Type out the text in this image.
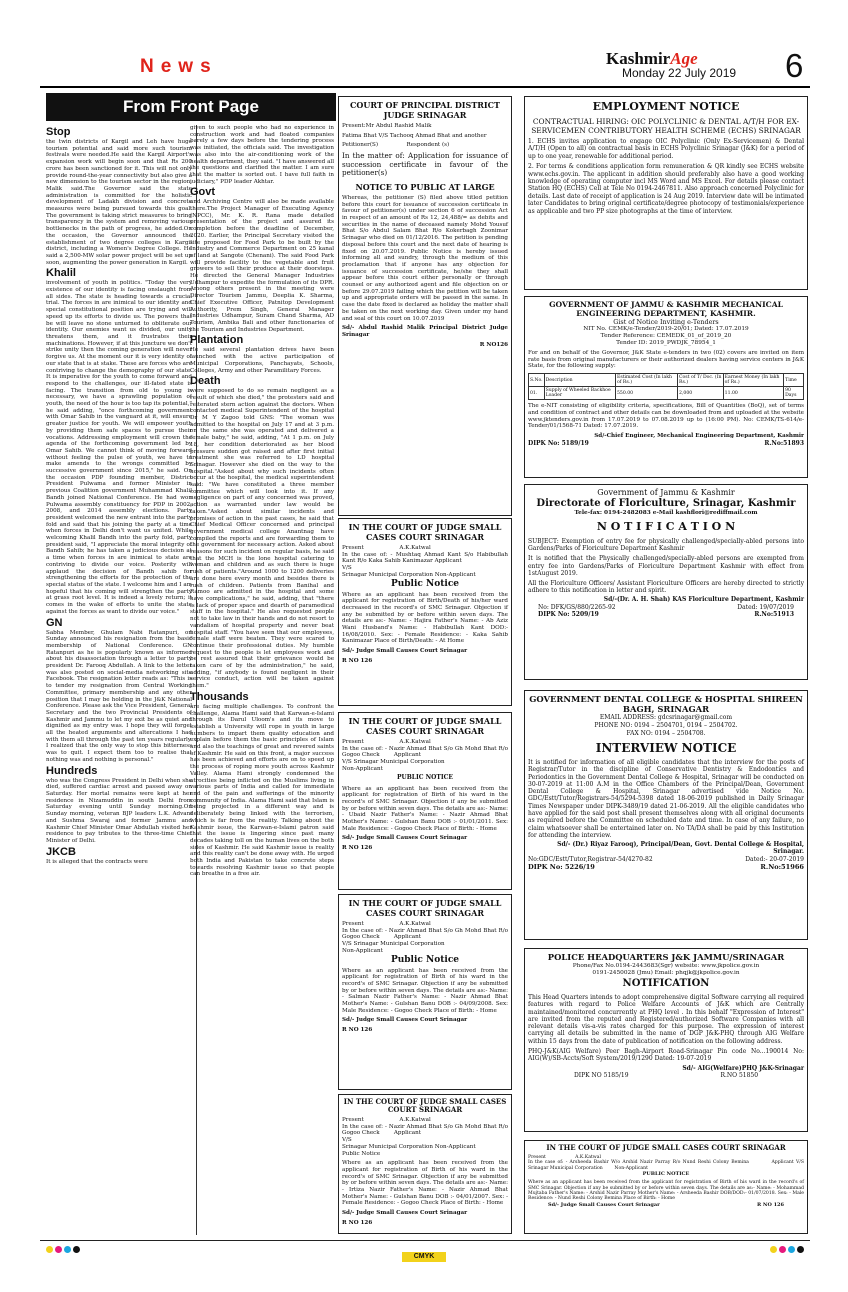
News	KashmirAge
Monday 22 July 2019 6
From Front Page
Stop

the twin districts of Kargil and Leh have huge tourism potential and said more such tourism festivals were needed.He said the Kargil Airport's expansion work will begin soon and that Rs 200 crore has been sanctioned for it. This will not only provide round-the-year connectivity but also give a new dimension to the tourism sector in the region, Malik said.The Governor said the state administration is committed for the holistic development of Ladakh division and concrete measures were being pursued towards this goal. The government is taking strict measures to bring transparency in the system and removing various bottlenecks in the path of progress, he added.On the occasion, the Governor announced the establishment of two degree colleges in Kargil district, including a Women's Degree College. He said a 2,500-MW solar power project will be set up soon, augmenting the power generation in Kargil.

Khalil

involvement of youth in politics. "Today the very existence of our identity is facing onslaught from all sides. The state is heading towards a crucial trial. The forces in are inimical to our identity and special constitutional position are trying and will speed up its efforts to divide us. The powers that be will leave no stone unturned to obliterate our identity. Our enemies want us divided, our unity threatens them, and it frustrates their machinations. However, if at this juncture we don't strike unity then the coming generation will never forgive us. At the moment our it is very identity of our state that is at stake. These are forces who are contriving to change the demography of our state. It is imperative for the youth to come forward and respond to the challenges, our ill-fated state is facing. The transition from old to young is necessary, we have a sprawling population of youth, the need of the hour is too tap its potential," he said adding, "once forthcoming government with Omar Sahib in the vanguard at it, will ensure greater justice for youth. We will empower youth by providing them safe spaces to pursue their vocations. Addressing employment will crown the agenda of the forthcoming government led by Omar Sahib. We cannot think of moving forward without feeling the pulse of youth, we have to make amends to the wrongs committed by successive government since 2015," he said. On the occasion PDP founding member, District President Pulwama and former Minister in previous Coalition government Muhammad Khalil Bandh joined National Conference. He had won Pulwama assembly constituency for PDP in 2002, 2008, and 2014 assembly elections. Party president welcomed the new entrant into the party fold and said that his joining the party at a time when forces in Delhi don't want us united. While welcoming Khalil Bandh into the party fold, party president said, "I appreciate the moral integrity of Bandh Sahib; he has taken a judicious decision at a time when forces in are inimical to state are contriving to divide our voice. Posterity will applaud the decision of Bandh sahib for strengthening the efforts for the protection of the special status of the state. I welcome him and I am hopeful that his coming will strengthen the party at grass root level. It is indeed a lovely return; it comes in the wake of efforts to unite the state against the forces as want to divide our voice."

GN

Sabha Member, Ghulam Nabi Ratanpuri, on Sunday announced his resignation from the basic membership of National Conference. GN Ratanpuri as he is popularly known as informed about his disassociation through a letter to party president Dr. Farooq Abdullah. A link to the letter was also posted on social-media networking site Facebook. The resignation letter reads as: "This is to tender my resignation from Central Working Committee, primary membership and any other position that I may be holding in the J&K National Conference. Please ask the Vice President, General Secretary and the two Provincial Presidents of Kashmir and Jammu to let my exit be as quiet and dignified as my entry was. I hope they will forget all the heated arguments and altercations I had with them all through the past ten years regularly. I realized that the only way to stop this bitterness was to quit. I expect them too to realise that nothing was and nothing is personal."

Hundreds

who was the Congress President in Delhi when she died, suffered cardiac arrest and passed away on Saturday. Her mortal remains were kept at her residence in Nizamuddin in south Delhi from Saturday evening until Sunday morning.On Sunday morning, veteran BJP leaders L.K. Advani and Sushma Swaraj and former Jammu and Kashmir Chief Minister Omar Abdullah visited her residence to pay tributes to the three-time Chief Minister of Delhi.

JKCB

It is alleged that the contracts were

given to such people who had no experience in construction work and had floated companies barely a few days before the tendering process was initiated, the officials said. The investigation was also into the air-conditioning work of the health department, they said. "I have answered all the questions and clarified the matter. I am sure that the matter is sorted out. I have full faith in judiciary," PDP leader Akhtar.

Govt

and Archiving Centre will also be made available there.The Project Manager of Executing Agency (NPCC), Mr. K. R. Rana made detailed presentation of the project and assured its completion before the deadline of December, 2020. Earlier, the Principal Secretary visited the site proposed for Food Park to be built by the Industry and Commerce Department on 25 kanal of land at Sangote (Chenani). The said Food Park will provide facility to the vegetable and fruit growers to sell their produce at their doorsteps. He directed the General Manager Industries Udhampur to expedite the formulation of its DPR. Among others present in the meeting were Director Tourism Jammu, Deeplia K. Sharma, Chief Executive Officer, Patnitop Development Authority, Prem Singh, General Manager Industries Udhampur, Suram Chand Sharma, AD Tourism, Ambika Bali and other functionaries of the Tourism and Industries Department.

Plantation

He said several plantation drives have been launched with the active participation of Municipal Corporations, Panchayats, Schools, Colleges, Army and other Paramilitary Forces.

Death

were supposed to do so remain negligent as a result of which she died," the protesters said and reiterated stern action against the doctors. When contacted medical Superintendent of the hospital Dr M Y Zagoo told GNS: "The woman was admitted to the hospital on July 17 and at 3 p.m. on the same she was operated and delivered a female baby," he said, adding, "At 1 p.m. on July 18, her condition deteriorated as her blood pressure sudden got raised and after first initial treatment she was referred to LD hospital Srinagar. However she died on the way to the hospital."Asked about why such incidents often occur at the hospital, the medical superintendent said: "We have constituted a three member committee which will look into it. If any negligence on part of any concerned was proved, action as warranted under law would be taken."Asked about similar incidents and promises of action in the past cases, he said that Chief Medical Officer concerned and principal government medical college Anantnag have compiled the reports and are forwarding them to the government for necessary action. Asked about reasons for such incident on regular basis, he said that the MCH is the lone hospital catering to woman and children and as such there is huge rush of patients."Around 1000 to 1200 deliveries are done here every month and besides there is rush of children. Patients from Banihal and Ramoo are admitted in the hospital and some have complications," he said, adding, that "there is lack of proper space and dearth of paramedical staff in the hospital." He also requested people not to take law in their hands and do not resort to vandalism of hospital property and never beat hospital staff. "You have seen that our employees, female staff were beaten. They were scared to continue their professional duties. My humble request to the people is let employees work and be rest assured that their grievance would be taken care of by the administration," he said, adding, "if anybody is found negligent in their service conduct, action will be taken against them."

Thousands

are facing multiple challenges. To confront the challenge, Alama Hami said that Karwan-e-Islami through its Darul Uloom's and its move to establish a University will rope in youth in large numbers to impart them quality education and explain before them the basic principles of Islam and also the teachings of great and revered saints of Kashmir. He said on this front, a major success has been achieved and efforts are on to speed up the process of roping more youth across Kashmir Valley. Alama Hami strongly condemned the atrocities being inflicted on the Muslims living in various parts of India and called for immediate end of the pain and sufferings of the minority community of India. Alama Hami said that Islam is being projected in a different way and is deliberately being linked with the terrorism, which is far from the reality. Talking about the Kashmir issue, the Karwan-e-Islami patron said that the issue is lingering since past many decades taking toll on the human lives on the both sides of Kashmir. He said Kashmir issue is reality and this reality can't be done away with. He urged both India and Pakistan to take concrete steps towards resolving Kashmir issue so that people can breathe in a free air.

COURT OF PRINCIPAL DISTRICT JUDGE SRINAGAR

Present:Mr Abdul Rashid Malik

Fatima Bhat V/S Tachooq Ahmad Bhat and another

Petitioner(S)                Respondent (s)

In the matter of: Application for issuance of succession certificate in favour of the petitioner(s)

NOTICE TO PUBLIC AT LARGE

Whereas, the petitioner (S) filed above titled petition before this court for issuance of succession certificate in favour of petitioner(s) under section 6 of succession Act in respect of an amount of Rs 12, 24,488/= as debits and securities in the name of deceased namely Mohd Yousuf Bhat S/o Abdul Salam Bhat R/o Kokerbagh Zoonimar Srinagar who died on 01/12/2016. The petition is pending disposal before this court and the next date of hearing is fixed on 20.07.2019. Public Notice is hereby issued informing all and sundry, through the medium of this proclamation that if anyone has any objection for issuance of succession certificate, he/she they shall appear before this court either personally or through counsel or any authorized agent and file objection on or before 29.07.2019 failing which the petition will be taken up and appropriate orders will be passed in the same. In case the date fixed is declared as holiday the matter shall be taken on the next working day. Given under my hand and seal of this court on 10.07.2019

Sd/- Abdul Rashid Malik Principal District Judge Srinagar

R NO126

IN THE COURT OF JUDGE SMALL CASES COURT SRINAGAR

Present                    A.K.Katwal
In the case of: - Mushtaq Ahmad Kant S/o Habibullah Kant R/o Kaka Sahib Kanimazar Applicant
V/S
Srinagar Municipal Corporation Non-Applicant

Public Notice

Where as an applicant has been received from the applicant for registration of Birth/Death of his/her ward decreased in the record's of SMC Srinagar. Objection if any be submitted by or before within seven days. The details are as:- Name: - Hajira Father's Name: - Ab Aziz Wani Husband's Name: - Habibullah Kant DOD:- 16/08/2010. Sex: - Female Residence: - Kaka Sahib Kanimazar Place of Birth/Death: - At Home

Sd/- Judge Small Causes Court Srinagar

R NO 126

IN THE COURT OF JUDGE SMALL CASES COURT SRINAGAR

Present                    A.K.Katwal
In the case of: - Nazir Ahmad Bhat S/o Gh Mohd Bhat R/o Gogoo Check        Applicant
V/S Srinagar Municipal Corporation
Non-Applicant

PUBLIC NOTICE

Where as an applicant has been received from the applicant for registration of Birth of his ward in the record's of SMC Srinagar. Objection if any be submitted by or before within seven days. The details are as:- Name: - Ubaid Nazir Father's Name: - Nazir Ahmad Bhat Mother's Name: - Gulshan Banu DOB :- 01/01/2011. Sex: Male Residence: - Gogoo Check Place of Birth: - Home

Sd/- Judge Small Causes Court Srinagar

R NO 126

IN THE COURT OF JUDGE SMALL CASES COURT SRINAGAR

Present                    A.K.Katwal
In the case of: - Nazir Ahmad Bhat S/o Gh Mohd Bhat R/o Gogoo Check        Applicant
V/S Srinagar Municipal Corporation
Non-Applicant

Public Notice

Where as an applicant has been received from the applicant for registration of Birth of his ward in the record's of SMC Srinagar. Objection if any be submitted by or before within seven days. The details are as:- Name: - Salman Nazir Father's Name: - Nazir Ahmad Bhat Mother's Name: - Gulshan Banu DOB :- 04/09/2008. Sex: Male Residence: - Gogoo Check Place of Birth: - Home

Sd/- Judge Small Causes Court Srinagar

R NO 126

IN THE COURT OF JUDGE SMALL CASES COURT SRINAGAR

Present                    A.K.Katwal
In the case of: - Nazir Ahmad Bhat S/o Gh Mohd Bhat R/o Gogoo Check        Applicant
V/S
Srinagar Municipal Corporation Non-Applicant
Public Notice

Where as an applicant has been received from the applicant for registration of Birth of his ward in the record's of SMC Srinagar. Objection if any be submitted by or before within seven days. The details are as:- Name: - Irtiza Nazir Father's Name: - Nazir Ahmad Bhat Mother's Name: - Gulshan Banu DOB :- 04/01/2007. Sex: - Female Residence: - Gogoo Check Place of Birth: - Home

Sd/- Judge Small Causes Court Srinagar

R NO 126

EMPLOYMENT NOTICE
CONTRACTUAL HIRING: OIC POLYCLINIC & DENTAL A/T/H FOR EX-SERVICEMEN CONTRIBUTORY HEALTH SCHEME (ECHS) SRINAGAR

1. ECHS invites application to engage OIC Polyclinic (Only Ex-Servicemen) & Dental A/T/H (Open to all) on contractual basis in ECHS Polyclinic Srinagar (J&K) for a period of up to one year, renewable for additional period.

2. For terms & conditions application form remuneration & QR kindly see ECHS website www.echs.gov.in. The applicant in addition should preferably also have a good working knowledge of operating computer incl MS Word and MS Excel. For details please contact Station HQ (ECHS) Cell at Tele No 0194-2467811. Also approach concerned Polyclinic for details. Last date of receipt of application is 24 Aug 2019. Interview date will be intimated later Candidates to bring original certificate/degree photocopy of testimonials/experience as applicable and two PP size photographs at the time of interview.

GOVERNMENT OF JAMMU & KASHMIR MECHANICAL ENGINEERING DEPARTMENT, KASHMIR.
Gist of Notice Inviting e-Tenders
NIT No. CEMK/e-Tender/2019-20/01; Dated: 17.07.2019
Tender Reference: CEMEDK_01_of_2019_20
Tender ID: 2019_PWDJK_78954_1

For and on behalf of the Governor, J&K State e-tenders in two (02) covers are invited on item rate basis from original manufacturers or their authorized dealers having service centers in J&K State, for the following supply:

S.No.	Description	Estimated Cost (In lakh of Rs.)	Cost of T/ Doc. (In Rs.)	Earnest Money (In lakh of Rs.)	Time
01.	Supply of Wheeled Backhoe Loader	550.00	2,000	11.00	90 Days

The e-NIT consisting of eligibility criteria, specifications, Bill of Quantities (BoQ), set of terms and condition of contract and other details can be downloaded from and uploaded at the website www.jktenders.gov.in from 17.07.2019 to 07.08.2019 up to (16:00 PM). No: CEMK/TS-614/e-Tender/01/1568-71 Dated: 17.07.2019.

Sd/-Chief Engineer, Mechanical Engineering Department, Kashmir

DIPK No: 5189/19	R.No:51893
Government of Jammu & Kashmir
Directorate of Floriculture, Srinagar, Kashmir
Tele-fax: 0194-2482083 e-Mail kashflori@rediffmail.com
N O T I F I C A T I O N

SUBJECT: Exemption of entry fee for physically challenged/specially-abled persons into Gardens/Parks of Floriculture Department Kashmir

It is notified that the Physically challenged/specially-abled persons are exempted from entry fee into Gardens/Parks of Floriculture Department Kashmir with effect from 1stAugust 2019.

All the Floriculture Officers/ Assistant Floriculture Officers are hereby directed to strictly adhere to this notification in letter and spirit.

Sd/-(Dr. A. H. Shah) KAS Floriculture Department, Kashmir

No: DFK/GS/880/2265-92	Dated: 19/07/2019
DIPK No: 5209/19	R.No:51913
GOVERNMENT DENTAL COLLEGE & HOSPITAL SHIREEN BAGH, SRINAGAR
EMAIL ADDRESS: gdcsrinagar@gmail.com
PHONE NO: 0194 – 2504701, 0194 – 2504702.
FAX NO: 0194 – 2504708.
INTERVIEW NOTICE

It is notified for information of all eligible candidates that the interview for the posts of Registrar/Tutor in the discipline of Conservative Dentistry & Endodontics and Periodontics in the Government Dental College & Hospital, Srinagar will be conducted on 30-07-2019 at 11:00 A.M in the Office Chambers of the Principal/Dean, Government Dental College & Hospital, Srinagar advertised vide Notice No. GDC/Estt/Tutor/Registrars-54/5294-5398 dated 18-06-2019 published in Daily Srinagar Times Newspaper under DIPK-3489/19 dated 21-06-2019. All the eligible candidates who have applied for the said post shall present themselves along with all original documents as required before the Committee on scheduled date and time. In case of any failure, no claim whatsoever shall be entertained later on. No TA/DA shall be paid by this Institution for attending the interview.

Sd/- (Dr.) Riyaz Farooq), Principal/Dean, Govt. Dental College & Hospital, Srinagar.

No:GDC/Estt/Tutor,Registrar-54/4270-82	Dated:- 20-07-2019
DIPK No: 5226/19	R.No:51966
POLICE HEADQUARTERS J&K JAMMU/SRINAGAR
Phone/Fax No.0194-2443683(Sgr) website: www.jkpolice.gov.in
0191-2450028 (Jmu) Email: phqjk@jkpolice.gov.in
NOTIFICATION

This Head Quarters intends to adopt comprehensive digital Software carrying all required features with regard to Police Welfare Accounts of J&K which are Centrally maintained/monitored concurrently at PHQ level . In this behalf "Expression of Interest" are invited from the reputed and Registered/authorized Software Companies with all relevant details vis-a-vis rates charged for this purpose. The expression of interest carrying all details be submitted in the name of DGP J&K-PHQ through AIG Welfare within 15 days from the date of publication of notification on the following address.

PHQ-J&K(AIG Welfare) Peer Bagh-Airport Road-Srinagar Pin code No...190014 No: AIG(W)/SB-Accts/Soft System/2019/1290 Dated: 19-07-2019

Sd/- AIG(Welfare)PHQ J&K-Srinagar

DIPK NO 5185/19	R.NO 51850
IN THE COURT OF JUDGE SMALL CASES COURT SRINAGAR

Present                    A.K.Katwal
In the case of: - Arsheeda Bashir W/o Arshid Nazir Parray R/o Nund Reshi Colony Bemina          Applicant V/S Srinagar Municipal Corporation        Non-Applicant

PUBLIC NOTICE

Where as an applicant has been received from the applicant for registration of Birth of his ward in the record's of SMC Srinagar. Objection if any be submitted by or before within seven days. The details are as:- Name: - Mohammad Mujtaba Father's Name: - Arshid Nazir Parray Mother's Name: - Arsheeda Bashir DOB/DOD:- 01/07/2018. Sex: - Male Residence: - Nund Reshi Colony Bemina Place of Birth: - Home

Sd/- Judge Small Causes Court Srinagar	R NO 126
CMYK
